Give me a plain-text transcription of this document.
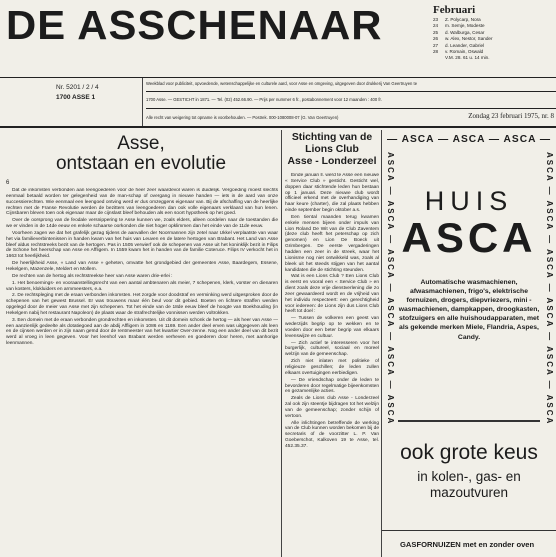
DE ASSCHENAAR	Februari
23 Z. Polycarp, Nora
24 m. Semje, Modeste
25 d. Walburga, Cesar
26 w. Alex, Nestor, Sander
27 d. Leander, Gabriel
28 v. Romain, Oswald
V.M. 28. 61 u. 14 min.
Nr. 5201 / 2 / 4
1700 ASSE 1
Weekblad voor publiciteit, opvoedende, wetenschappelijke en culturele aard, voor Asse en omgeving, uitgegeven door drukkerij Van Geertruyen te
1700 Asse. — GESTICHT in 1871. — Tel. (02) 452.66.90. — Prijs per nummer 6 fr., postabonnement voor 12 maanden : 400 fr.
Alle recht van weigering tot opname is voorbehouden. — Postrek. 000-1080008-07 (G. Van Geertruyen)	Zondag 23 februari 1975, nr. 8
Asse,
ontstaan en evolutie
6

Dat de inkomsten verbonden aan leengoederen voor de heer zeer waardevol waren is duidelijk. Vergoeding moest slechts eenmaal betaald worden ter gelegenheid van de man-schap of overgang in nieuwe handen — iets in de aard van onze successierechten. Wie eenmaal een leengoed ontving werd er dus omzeggens eigenaar van. Bij de afschaffing van de heerlijke rechten met de Franse Revolutie werden de bezitters van leengoederen dan ook volle eigenaars verklaard van hun lenen. Cijnsbaren bleven toen ook eigenaar maar de cijnslast bleef behouden als een soort hypotheek op het goed.

Over de oorsprong van de feodale versnippering te Asse kunnen we, zoals elders, alleen oordelen naar de toestanden die we er vinden in de 14de eeuw en enkele schaarse oorkonden die niet hoger opklimmen dan het einde van de 11de eeuw.

Voorheen zagen we dat het grafelijk gezag tijdens de aanvallen der Noormannen zijn zetel naar Ukkel verplaatste van waar het via familieverbintenissen in handen kwam van het huis van Leuven en de latere hertogen van Brabant. Het Land van Asse bleef aldus rechtstreeks bezit van de hertogen. Pas in 1505 verwierf ook de schepenen van Asse uit het koninklijk bezit in Filips de Schone het heerschap van Asse en Affligem. In 1559 kwam het in handen van de familie Coteruce. Filips IV verkocht het in 1663 tot heerlijkheid.

De heerlijkheid Asse, « Land van Asse » geheten, omvatte het grondgebied der gemeenten Asse, Baardegem, Essene, Hekelgem, Mazenzele, Meldert en Mollem.

De rechten van de hertog als rechtstreekse heer van Asse waren drie-erlei :

1. Het benoemings- en vooraanstellingsrecht van een aantal ambtenaren als meier, 7 schepenen, klerk, vorster en dienaren van kosters, klokluiders en armmeesters, e.a.

2. De rechtspleging met de eraan verbonden inkomsten. Het zorgde voor doodstraf en verminking werd uitgesproken door de schepenen van het gewest Brussel. Er was trouwens maar één beul voor dit gebied. Boeten en lichtere straffen werden opgelegd door de meier van Asse met zijn schepenen. Tot het einde van de 18de eeuw bleef de hoogte van Boekhouding (in Hekelgem nabij het restaurant Napoleon) de plaats waar de strafrechtelijke vonnissen werden voltrokken.

3. Een domein met de eraan verbonden grondrechten en inkomsten. Uit dit domein schonk de hertog — als heer van Asse — een aanzienlijk gedeelte als dotatiegoed aan de abdij Affligem in 1086 en 1169. Een ander deel erven was uitgegeven als leen en de cijnsen werden er in zijn naam geïnd door de rentmeester van het kwartier Over-zenne. Nog een ander deel van dit bezit werd al vroeg in leen gegeven. Voor het leenhof van Brabant werden verheven en goederen door heren, met aanhorige leenmannen.

Stichting van de
Lions Club
Asse - Londerzeel

Einde januari ll. werd te Asse een nieuwe « Service Club » gesticht. Gesticht wel, doppen daar stichtende leden hun bestaan op 1 januari. Deze nieuwe club wordt officieel erkend met de overhandiging van haar keure (charter), die zal plaats hebben einde september begin oktober a.s.

Een tiental maanden terug kwamen enkele mensen bijeen onder impuls van Lion Roland De Wit van de Club Zaventem (deze club heeft het peterschap op zich genomen) en Lion De Boeck uit Grimbergen. De eerste vergaderingen hadden een zeer in de streek, waar het Lionisme nog niet ontwikkeld was, zoals al bleek uit het steeds stijgen van het aantal kandidaten die de stichting steunden.

Wat is een Lions Club ? Een Lions Club is eerst en vooral een « Service Club » en dient zoals deze vrije dienstverlening die zo zeer gewaardeerd wordt en de vrijheid van het individu respecteert: een gerechtigheid voor iedereen: de Lions zijn dus Lions Club heeft tot doel :

— Tussen de volkeren een geest van wederzijds begrip op te wekken en te voeden door een beter begrip van elkaars levenswijze en cultuur.

— Zich actief te interesseren voor het burgerlijk, cultureel, sociaal en moreel welzijn van de gemeenschap.

Zich niet inlaten met politieke of religieuze geschillen; de leden zullen elkaars overtuigingen eerbiedigen.

— De vriendschap onder de leden te bevorderen door regelmatige bijeenkomsten en gezamenlijke acties.

Zeals de Lions club Asse - Londerzeel zal ook zijn steentje bijdragen tot het welzijn van de gemeenschap; zonder schijn of vertoon.

Alle inlichtingen betreffende de werking van de Club kunnen worden bekomen bij de secretaris of de voorzitter L. P. Van Goeberschot, Kalkoven 19 te Asse, tel. 452.35.37.

— ASCA — ASCA — ASCA —
ASCA — ASCA — ASCA — ASCA — ASCA — ASCA	ASCA — ASCA — ASCA — ASCA — ASCA — ASCA
HUIS
ASCA
Automatische wasmachienen, afwasmachienen, frigo's, elektrische fornuizen, drogers, diepvriezers, mini - wasmachienen, dampkappen, droogkasten, stofzuigers en alle huishoudapparaten, met als gekende merken Miele, Flandria, Aspes, Candy.
ook grote keus
in kolen-, gas- en mazoutvuren
GASFORNUIZEN met en zonder oven
